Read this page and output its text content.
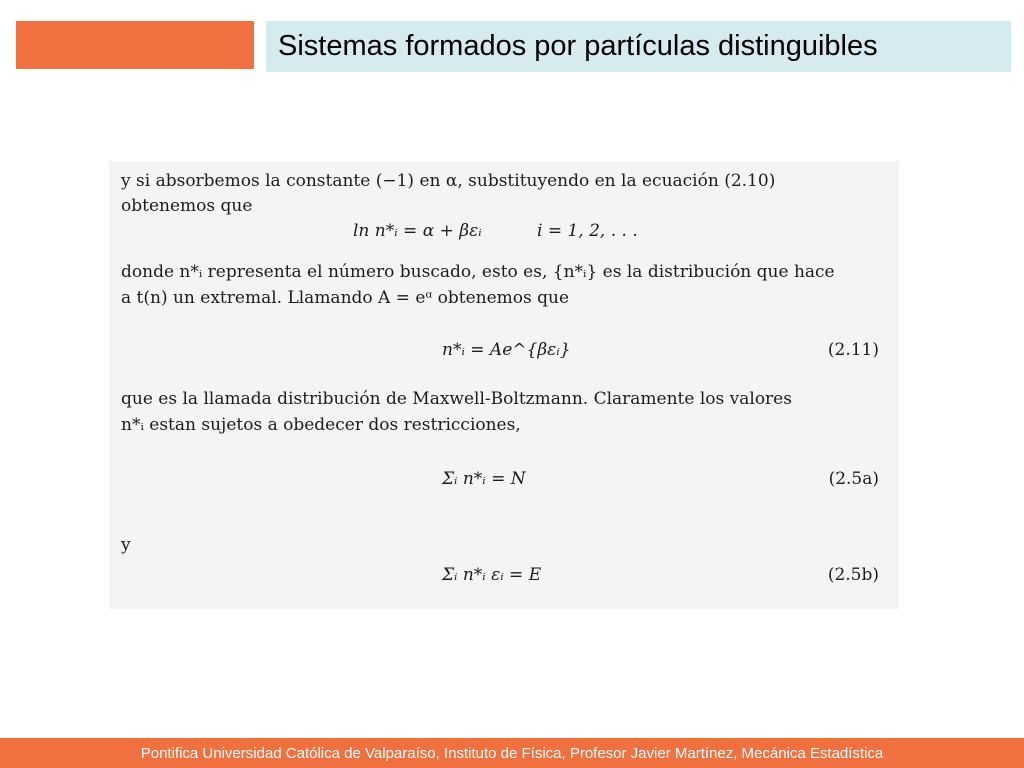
Sistemas formados por partículas distinguibles
y si absorbemos la constante (−1) en α, substituyendo en la ecuación (2.10)
obtenemos que
ln n*ᵢ = α + βεᵢ	i = 1, 2, . . .
donde n*ᵢ representa el número buscado, esto es, {n*ᵢ} es la distribución que hace
a t(n) un extremal. Llamando A = eᵅ obtenemos que
n*ᵢ = Ae^{βεᵢ}	(2.11)
que es la llamada distribución de Maxwell-Boltzmann. Claramente los valores
n*ᵢ estan sujetos a obedecer dos restricciones,
Σᵢ n*ᵢ = N	(2.5a)
y
Σᵢ n*ᵢ εᵢ = E	(2.5b)
Pontifica Universidad Católica de Valparaíso, Instituto de Física, Profesor Javier Martínez, Mecánica Estadística
